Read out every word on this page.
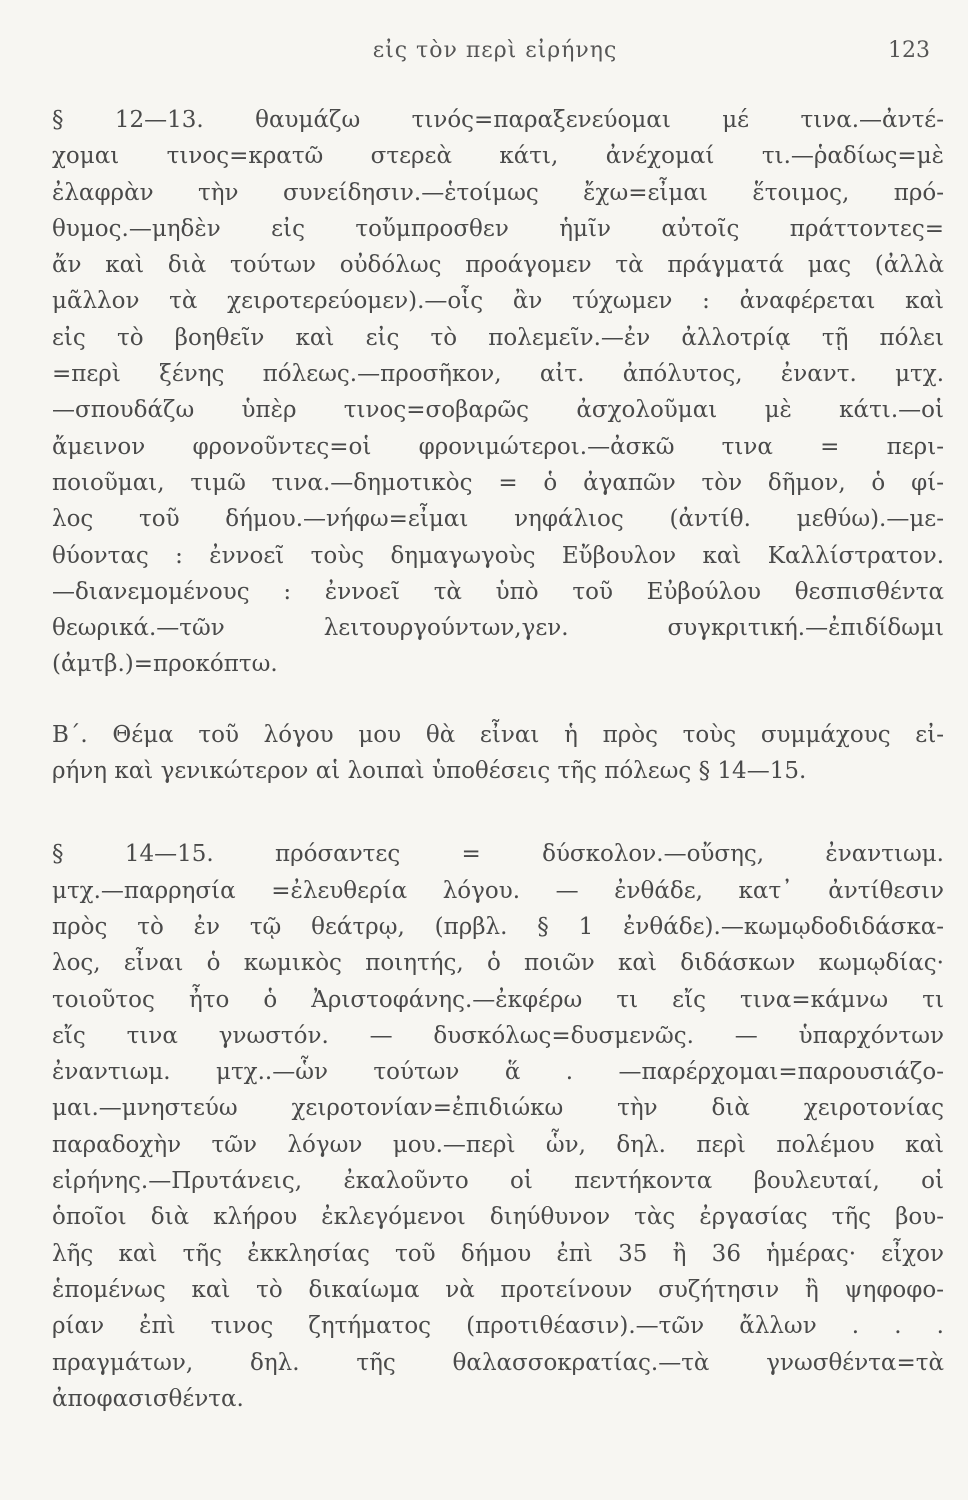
εἰς τὸν περὶ εἰρήνης	123
§ 12—13. θαυμάζω τινός=παραξενεύομαι μέ τινα.—ἀντέ-
χομαι τινος=κρατῶ στερεὰ κάτι, ἀνέχομαί τι.—ῥαδίως=μὲ
ἐλαφρὰν τὴν συνείδησιν.—ἑτοίμως ἔχω=εἶμαι ἕτοιμος, πρό-
θυμος.—μηδὲν εἰς τοὔμπροσθεν ἡμῖν αὐτοῖς πράττοντες=
ἄν καὶ διὰ τούτων οὐδόλως προάγομεν τὰ πράγματά μας (ἀλλὰ
μᾶλλον τὰ χειροτερεύομεν).—οἷς ἂν τύχωμεν : ἀναφέρεται καὶ
εἰς τὸ βοηθεῖν καὶ εἰς τὸ πολεμεῖν.—ἐν ἀλλοτρίᾳ τῇ πόλει
=περὶ ξένης πόλεως.—προσῆκον, αἰτ. ἀπόλυτος, ἐναντ. μτχ.
—σπουδάζω ὑπὲρ τινος=σοβαρῶς ἀσχολοῦμαι μὲ κάτι.—οἱ
ἄμεινον φρονοῦντες=οἱ φρονιμώτεροι.—ἀσκῶ τινα = περι-
ποιοῦμαι, τιμῶ τινα.—δημοτικὸς = ὁ ἀγαπῶν τὸν δῆμον, ὁ φί-
λος τοῦ δήμου.—νήφω=εἶμαι νηφάλιος (ἀντίθ. μεθύω).—με-
θύοντας : ἐννοεῖ τοὺς δημαγωγοὺς Εὔβουλον καὶ Καλλίστρατον.
—διανεμομένους : ἐννοεῖ τὰ ὑπὸ τοῦ Εὐβούλου θεσπισθέντα
θεωρικά.—τῶν λειτουργούντων,γεν. συγκριτική.—ἐπιδίδωμι
(ἀμτβ.)=προκόπτω.
Β΄. Θέμα τοῦ λόγου μου θὰ εἶναι ἡ πρὸς τοὺς συμμάχους εἰ-
ρήνη καὶ γενικώτερον αἱ λοιπαὶ ὑποθέσεις τῆς πόλεως § 14—15.
§ 14—15. πρόσαντες = δύσκολον.—οὔσης, ἐναντιωμ.
μτχ.—παρρησία =ἐλευθερία λόγου. — ἐνθάδε, κατ᾿ ἀντίθεσιν
πρὸς τὸ ἐν τῷ θεάτρῳ, (πρβλ. § 1 ἐνθάδε).—κωμῳδοδιδάσκα-
λος, εἶναι ὁ κωμικὸς ποιητής, ὁ ποιῶν καὶ διδάσκων κωμῳδίας·
τοιοῦτος ἦτο ὁ Ἀριστοφάνης.—ἐκφέρω τι εἴς τινα=κάμνω τι
εἴς τινα γνωστόν. — δυσκόλως=δυσμενῶς. — ὑπαρχόντων
ἐναντιωμ. μτχ..—ὧν τούτων ἅ . —παρέρχομαι=παρουσιάζο-
μαι.—μνηστεύω χειροτονίαν=ἐπιδιώκω τὴν διὰ χειροτονίας
παραδοχὴν τῶν λόγων μου.—περὶ ὧν, δηλ. περὶ πολέμου καὶ
εἰρήνης.—Πρυτάνεις, ἐκαλοῦντο οἱ πεντήκοντα βουλευταί, οἱ
ὁποῖοι διὰ κλήρου ἐκλεγόμενοι διηύθυνον τὰς ἐργασίας τῆς βου-
λῆς καὶ τῆς ἐκκλησίας τοῦ δήμου ἐπὶ 35 ἢ 36 ἡμέρας· εἶχον
ἑπομένως καὶ τὸ δικαίωμα νὰ προτείνουν συζήτησιν ἢ ψηφοφο-
ρίαν ἐπὶ τινος ζητήματος (προτιθέασιν).—τῶν ἄλλων . . .
πραγμάτων, δηλ. τῆς θαλασσοκρατίας.—τὰ γνωσθέντα=τὰ
ἀποφασισθέντα.
